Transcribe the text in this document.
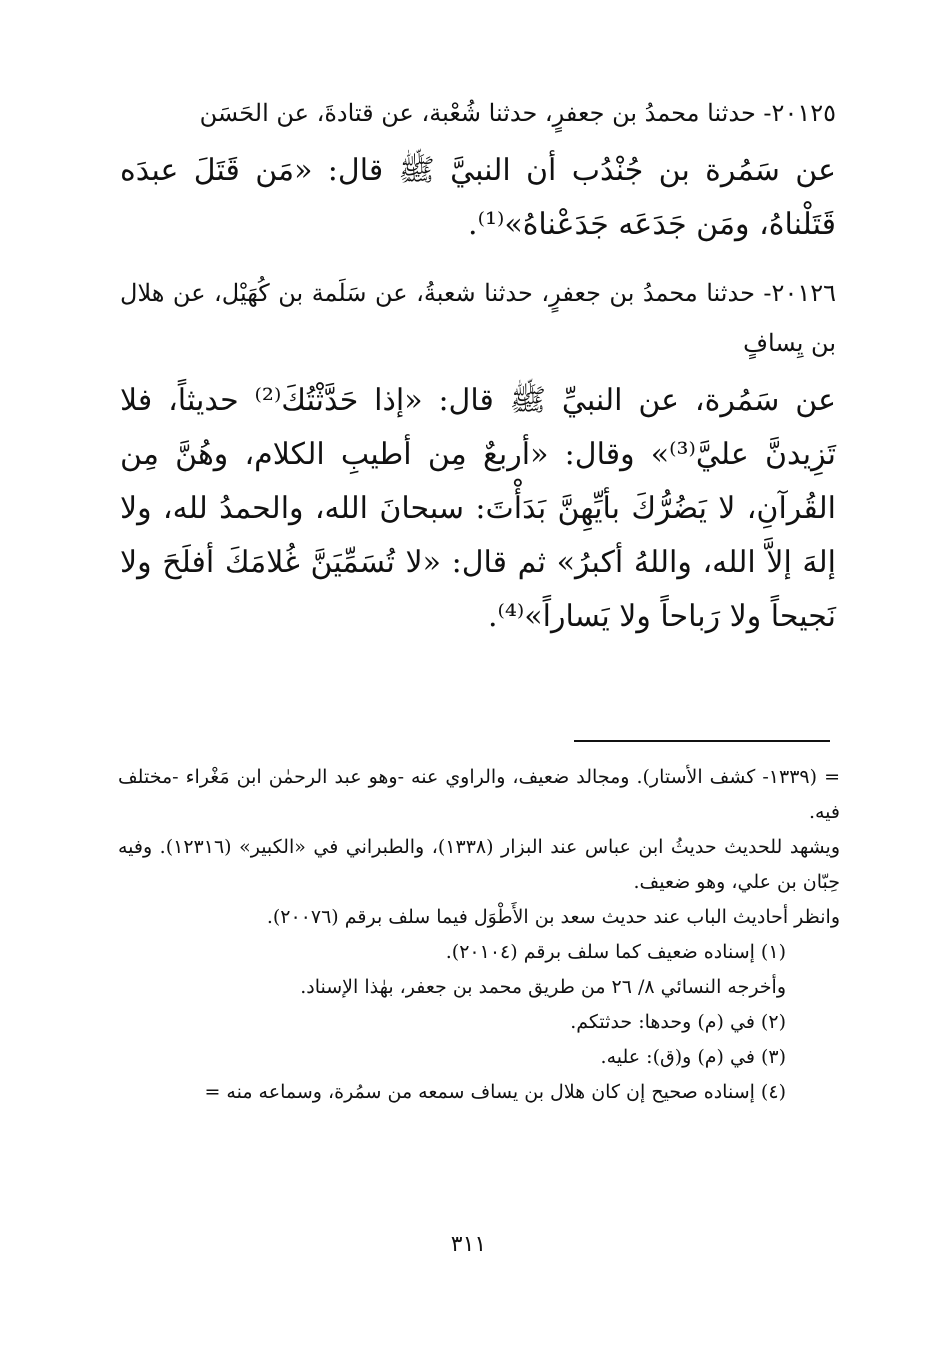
٢٠١٢٥- حدثنا محمدُ بن جعفرٍ، حدثنا شُعْبة، عن قتادةَ، عن الحَسَن

عن سَمُرة بن جُنْدُب أن النبيَّ ﷺ قال: «مَن قَتَلَ عبدَه قَتَلْناهُ، ومَن جَدَعَه جَدَعْناهُ»⁽¹⁾.

٢٠١٢٦- حدثنا محمدُ بن جعفرٍ، حدثنا شعبةُ، عن سَلَمة بن كُهَيْل، عن هلال بن يِسافٍ

عن سَمُرة، عن النبيِّ ﷺ قال: «إذا حَدَّثْتُكَ⁽²⁾ حديثاً، فلا تَزِيدنَّ عليَّ⁽³⁾» وقال: «أربعٌ مِن أطيبِ الكلام، وهُنَّ مِن القُرآنِ، لا يَضُرُّكَ بأيِّهِنَّ بَدَأْتَ: سبحانَ الله، والحمدُ لله، ولا إلهَ إلاَّ الله، واللهُ أكبرُ» ثم قال: «لا تُسَمِّيَنَّ غُلامَكَ أفلَحَ ولا نَجيحاً ولا رَباحاً ولا يَساراً»⁽⁴⁾.

= (١٣٣٩- كشف الأستار). ومجالد ضعيف، والراوي عنه -وهو عبد الرحمٰن ابن مَغْراء -مختلف فيه.

ويشهد للحديث حديثُ ابن عباس عند البزار (١٣٣٨)، والطبراني في «الكبير» (١٢٣١٦). وفيه حِبّان بن علي، وهو ضعيف.

وانظر أحاديث الباب عند حديث سعد بن الأَطْوَل فيما سلف برقم (٢٠٠٧٦).

(١) إسناده ضعيف كما سلف برقم (٢٠١٠٤).

وأخرجه النسائي ٨/ ٢٦ من طريق محمد بن جعفر، بهٰذا الإسناد.

(٢) في (م) وحدها: حدثتكم.

(٣) في (م) و(ق): عليه.

(٤) إسناده صحيح إن كان هلال بن يساف سمعه من سمُرة، وسماعه منه =

٣١١
